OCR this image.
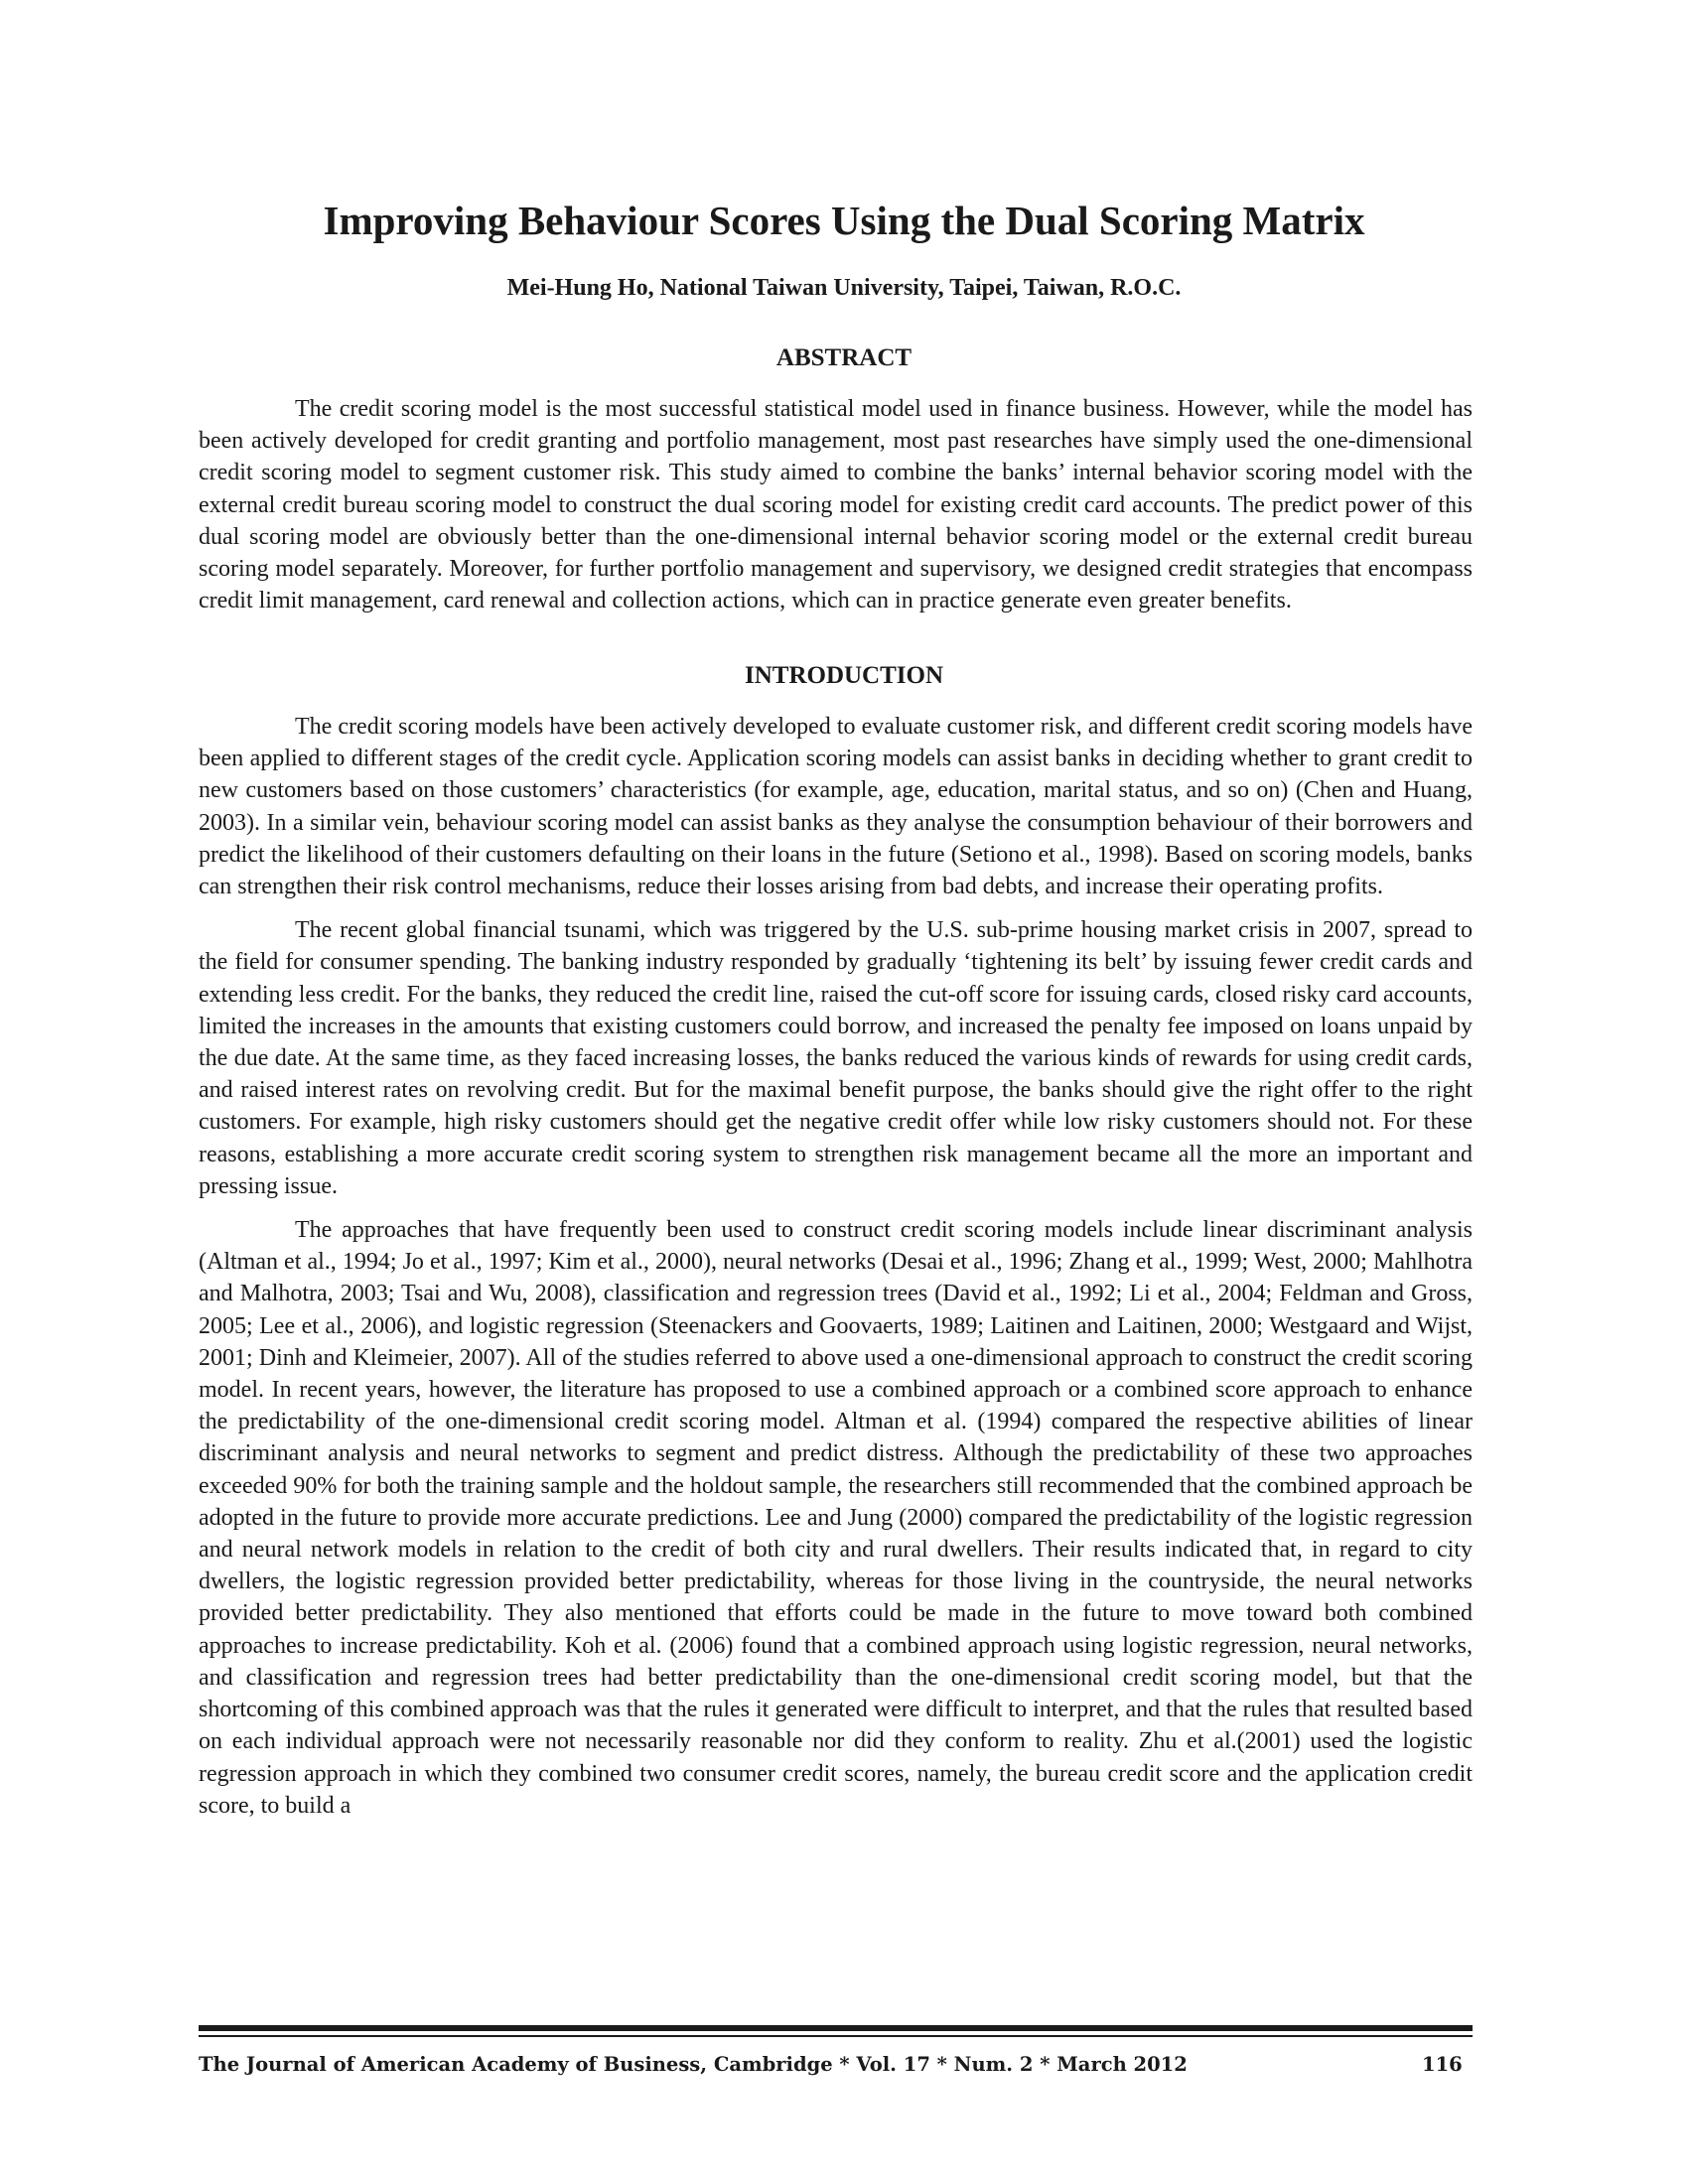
Improving Behaviour Scores Using the Dual Scoring Matrix
Mei-Hung Ho, National Taiwan University, Taipei, Taiwan, R.O.C.
ABSTRACT

The credit scoring model is the most successful statistical model used in finance business. However, while the model has been actively developed for credit granting and portfolio management, most past researches have simply used the one-dimensional credit scoring model to segment customer risk. This study aimed to combine the banks’ internal behavior scoring model with the external credit bureau scoring model to construct the dual scoring model for existing credit card accounts. The predict power of this dual scoring model are obviously better than the one-dimensional internal behavior scoring model or the external credit bureau scoring model separately. Moreover, for further portfolio management and supervisory, we designed credit strategies that encompass credit limit management, card renewal and collection actions, which can in practice generate even greater benefits.

INTRODUCTION

The credit scoring models have been actively developed to evaluate customer risk, and different credit scoring models have been applied to different stages of the credit cycle. Application scoring models can assist banks in deciding whether to grant credit to new customers based on those customers’ characteristics (for example, age, education, marital status, and so on) (Chen and Huang, 2003). In a similar vein, behaviour scoring model can assist banks as they analyse the consumption behaviour of their borrowers and predict the likelihood of their customers defaulting on their loans in the future (Setiono et al., 1998). Based on scoring models, banks can strengthen their risk control mechanisms, reduce their losses arising from bad debts, and increase their operating profits.

The recent global financial tsunami, which was triggered by the U.S. sub-prime housing market crisis in 2007, spread to the field for consumer spending. The banking industry responded by gradually ‘tightening its belt’ by issuing fewer credit cards and extending less credit. For the banks, they reduced the credit line, raised the cut-off score for issuing cards, closed risky card accounts, limited the increases in the amounts that existing customers could borrow, and increased the penalty fee imposed on loans unpaid by the due date. At the same time, as they faced increasing losses, the banks reduced the various kinds of rewards for using credit cards, and raised interest rates on revolving credit. But for the maximal benefit purpose, the banks should give the right offer to the right customers. For example, high risky customers should get the negative credit offer while low risky customers should not. For these reasons, establishing a more accurate credit scoring system to strengthen risk management became all the more an important and pressing issue.

The approaches that have frequently been used to construct credit scoring models include linear discriminant analysis (Altman et al., 1994; Jo et al., 1997; Kim et al., 2000), neural networks (Desai et al., 1996; Zhang et al., 1999; West, 2000; Mahlhotra and Malhotra, 2003; Tsai and Wu, 2008), classification and regression trees (David et al., 1992; Li et al., 2004; Feldman and Gross, 2005; Lee et al., 2006), and logistic regression (Steenackers and Goovaerts, 1989; Laitinen and Laitinen, 2000; Westgaard and Wijst, 2001; Dinh and Kleimeier, 2007). All of the studies referred to above used a one-dimensional approach to construct the credit scoring model. In recent years, however, the literature has proposed to use a combined approach or a combined score approach to enhance the predictability of the one-dimensional credit scoring model. Altman et al. (1994) compared the respective abilities of linear discriminant analysis and neural networks to segment and predict distress. Although the predictability of these two approaches exceeded 90% for both the training sample and the holdout sample, the researchers still recommended that the combined approach be adopted in the future to provide more accurate predictions. Lee and Jung (2000) compared the predictability of the logistic regression and neural network models in relation to the credit of both city and rural dwellers. Their results indicated that, in regard to city dwellers, the logistic regression provided better predictability, whereas for those living in the countryside, the neural networks provided better predictability. They also mentioned that efforts could be made in the future to move toward both combined approaches to increase predictability. Koh et al. (2006) found that a combined approach using logistic regression, neural networks, and classification and regression trees had better predictability than the one-dimensional credit scoring model, but that the shortcoming of this combined approach was that the rules it generated were difficult to interpret, and that the rules that resulted based on each individual approach were not necessarily reasonable nor did they conform to reality. Zhu et al.(2001) used the logistic regression approach in which they combined two consumer credit scores, namely, the bureau credit score and the application credit score, to build a

The Journal of American Academy of Business, Cambridge * Vol. 17 * Num. 2 * March 2012	116
